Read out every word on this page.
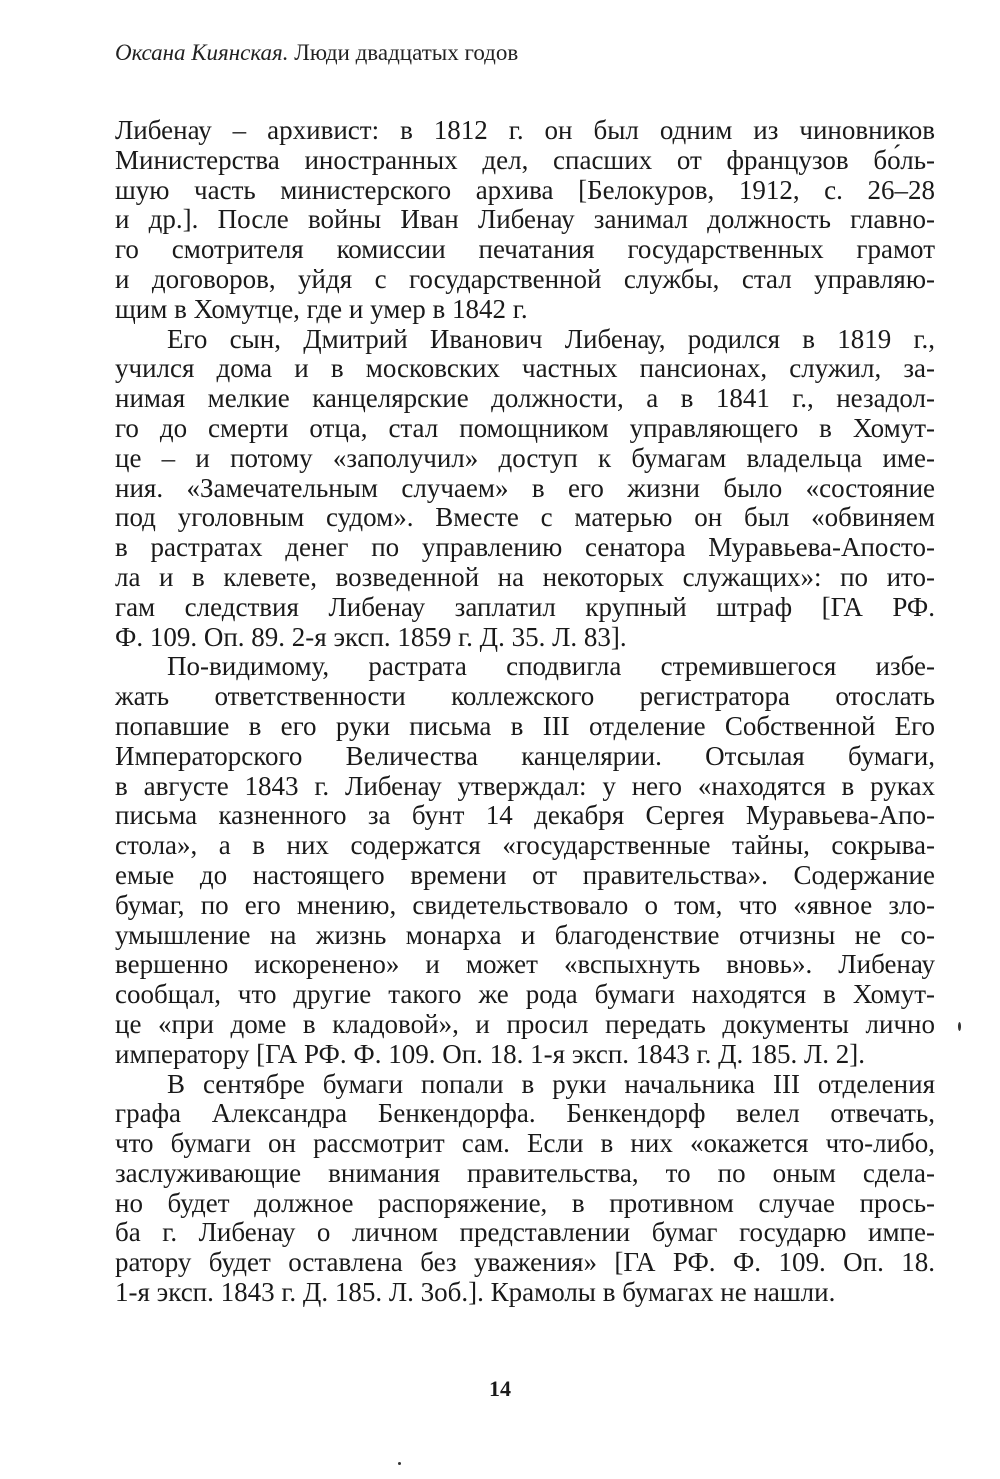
Оксана Киянская. Люди двадцатых годов
Либенау – архивист: в 1812 г. он был одним из чиновников
Министерства иностранных дел, спасших от французов бо́ль-
шую часть министерского архива [Белокуров, 1912, с. 26–28
и др.]. После войны Иван Либенау занимал должность главно-
го смотрителя комиссии печатания государственных грамот
и договоров, уйдя с государственной службы, стал управляю-
щим в Хомутце, где и умер в 1842 г.
Его сын, Дмитрий Иванович Либенау, родился в 1819 г.,
учился дома и в московских частных пансионах, служил, за-
нимая мелкие канцелярские должности, а в 1841 г., незадол-
го до смерти отца, стал помощником управляющего в Хомут-
це – и потому «заполучил» доступ к бумагам владельца име-
ния. «Замечательным случаем» в его жизни было «состояние
под уголовным судом». Вместе с матерью он был «обвиняем
в растратах денег по управлению сенатора Муравьева-Апосто-
ла и в клевете, возведенной на некоторых служащих»: по ито-
гам следствия Либенау заплатил крупный штраф [ГА РФ.
Ф. 109. Оп. 89. 2-я эксп. 1859 г. Д. 35. Л. 83].
По-видимому, растрата сподвигла стремившегося избе-
жать ответственности коллежского регистратора отослать
попавшие в его руки письма в III отделение Собственной Его
Императорского Величества канцелярии. Отсылая бумаги,
в августе 1843 г. Либенау утверждал: у него «находятся в руках
письма казненного за бунт 14 декабря Сергея Муравьева-Апо-
стола», а в них содержатся «государственные тайны, сокрыва-
емые до настоящего времени от правительства». Содержание
бумаг, по его мнению, свидетельствовало о том, что «явное зло-
умышление на жизнь монарха и благоденствие отчизны не со-
вершенно искоренено» и может «вспыхнуть вновь». Либенау
сообщал, что другие такого же рода бумаги находятся в Хомут-
це «при доме в кладовой», и просил передать документы лично
императору [ГА РФ. Ф. 109. Оп. 18. 1-я эксп. 1843 г. Д. 185. Л. 2].
В сентябре бумаги попали в руки начальника III отделения
графа Александра Бенкендорфа. Бенкендорф велел отвечать,
что бумаги он рассмотрит сам. Если в них «окажется что-либо,
заслуживающие внимания правительства, то по оным сдела-
но будет должное распоряжение, в противном случае прось-
ба г. Либенау о личном представлении бумаг государю импе-
ратору будет оставлена без уважения» [ГА РФ. Ф. 109. Оп. 18.
1-я эксп. 1843 г. Д. 185. Л. 3об.]. Крамолы в бумагах не нашли.
14
